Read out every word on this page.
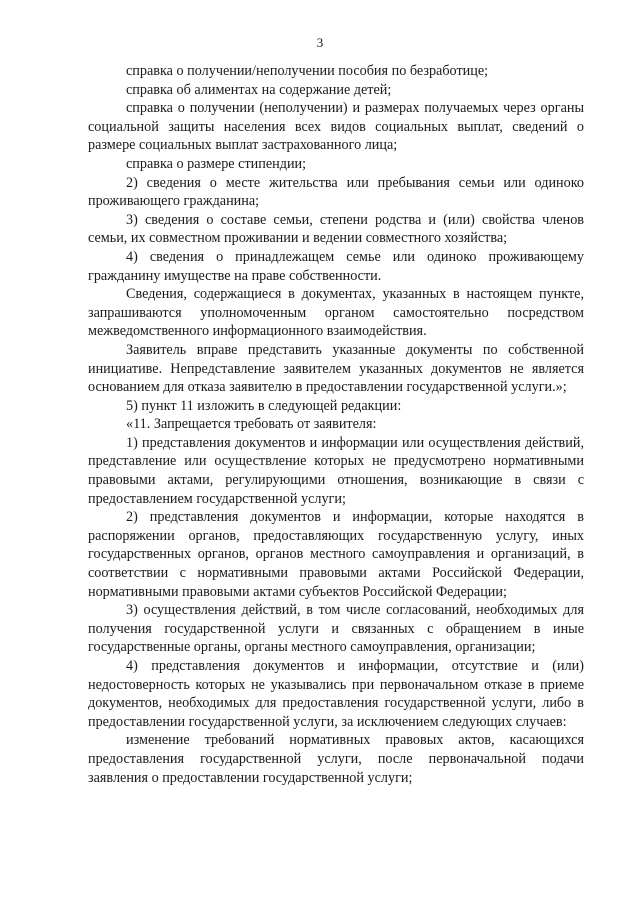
3

справка о получении/неполучении пособия по безработице;

справка об алиментах на содержание детей;

справка о получении (неполучении) и размерах получаемых через органы социальной защиты населения всех видов социальных выплат, сведений о размере социальных выплат застрахованного лица;

справка о размере стипендии;

2) сведения о месте жительства или пребывания семьи или одиноко проживающего гражданина;

3) сведения о составе семьи, степени родства и (или) свойства членов семьи, их совместном проживании и ведении совместного хозяйства;

4) сведения о принадлежащем семье или одиноко проживающему гражданину имуществе на праве собственности.

Сведения, содержащиеся в документах, указанных в настоящем пункте, запрашиваются уполномоченным органом самостоятельно посредством межведомственного информационного взаимодействия.

Заявитель вправе представить указанные документы по собственной инициативе. Непредставление заявителем указанных документов не является основанием для отказа заявителю в предоставлении государственной услуги.»;

5) пункт 11 изложить в следующей редакции:

«11. Запрещается требовать от заявителя:

1) представления документов и информации или осуществления действий, представление или осуществление которых не предусмотрено нормативными правовыми актами, регулирующими отношения, возникающие в связи с предоставлением государственной услуги;

2) представления документов и информации, которые находятся в распоряжении органов, предоставляющих государственную услугу, иных государственных органов, органов местного самоуправления и организаций, в соответствии с нормативными правовыми актами Российской Федерации, нормативными правовыми актами субъектов Российской Федерации;

3) осуществления действий, в том числе согласований, необходимых для получения государственной услуги и связанных с обращением в иные государственные органы, органы местного самоуправления, организации;

4) представления документов и информации, отсутствие и (или) недостоверность которых не указывались при первоначальном отказе в приеме документов, необходимых для предоставления государственной услуги, либо в предоставлении государственной услуги, за исключением следующих случаев:

изменение требований нормативных правовых актов, касающихся предоставления государственной услуги, после первоначальной подачи заявления о предоставлении государственной услуги;
